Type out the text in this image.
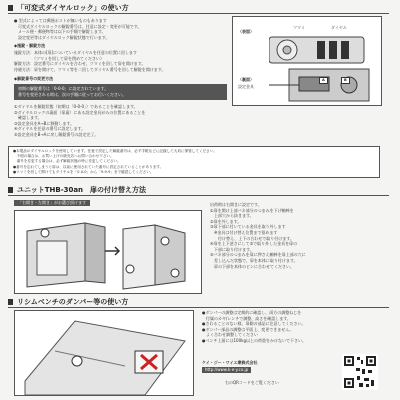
「可変式ダイヤルロック」の使い方
● 型式によっては郵便ポストが無いものもあります
　可変式ダイヤルロックの解錠番号は、任意に設定・変更が可能です。
　メール便・郵便物等は以下の手順で解錠します。
　設定変更等はダイヤルロック解錠状態で行います。
◆施錠・解錠方法
施錠方法：本体の[扉]についているダイヤルを任意の位置に回します
　　　　　（ツマミを回して扉を閉めてください）
解錠方法：設定番号にダイヤルを合わせ、ツマミを回して扉を開けます。
待避方法：扉を開けて、ツマミ等を二回してダイヤル番号を回して解錠を開けます。
◆解錠番号の変更方法
初期の解錠番号は「0-0-0」に設定されています。
番号を変更される時は、次の手順に従ってお行いください。
①ダイヤルを解錠状態（初期は「0-0-0」）であることを確認します。
②ダイヤルロックの裏面（扉裏）にある設定金具がみの位置にあることを
　確認します。
③設定金具をA→Bに移動します。
④ダイヤルを任意の番号に設定します。
⑤設定金具をB→Aに戻し解錠番号の設定完了。
（表面）
ツマミ	ダイヤル
（裏面）
設定金具
A	B
●本製品のダイヤルロックを使用しています。任意で設定した解錠番号は、必ず手帳などに記録して大切に保管してください。
　不明の場合は、お買い上げの販売店へお問い合わせ下さい。
　番号を変更する場合は、必ず解錠状態の時に変更してください。
●番号を忘れてしまうと扉は、以前に使用されていた番号に設定されていることがあります。
●ツマミを回して開けてもダイヤルを「0-0-0」から「9-9-9」まで確認してください。
ユニットTHB-30an　扉の付け替え方法
「右開き・左開き」がお選び頂けます	出荷時は右開きに設定です。
①扉を開け上部バネ部分のつまみを下げ軸棒を
　上部穴から抜きます。
②扉を外します。
③扉下部に付いている金具を取り外します
　※金具は付け替え位置まで留めます
　　付け替え、上下の合わせで取り付けます。
④扉を上下逆さにして③で取り外した金具を扉の
　下部に取り付けます。
⑤バネ部分のつまみを扉に押さえ軸棒を扉上部の穴に
　差し込んだ状態で、扉を本体に取り付けます。
　扉の下部を本体のピンに合わせてください。
リシムベンチのダンパー等の使い方
●ダンパーの調整は定期的に確認し、両方の調整ねじを
　付属のカギ/レンチで調整、高さを確認します。
●さわることのない様、扉側の部品に注意してください。
●ダンパー部品の調整は平面上、変更できません。
　よく合わせ調整してください
●ベンチ上面には100kg以上の荷重をかけないで下さい。
ケイ・ジー・ワイエ業株式会社
http://www.k-e-y.co.jp
右のQRコードをご覧ください
